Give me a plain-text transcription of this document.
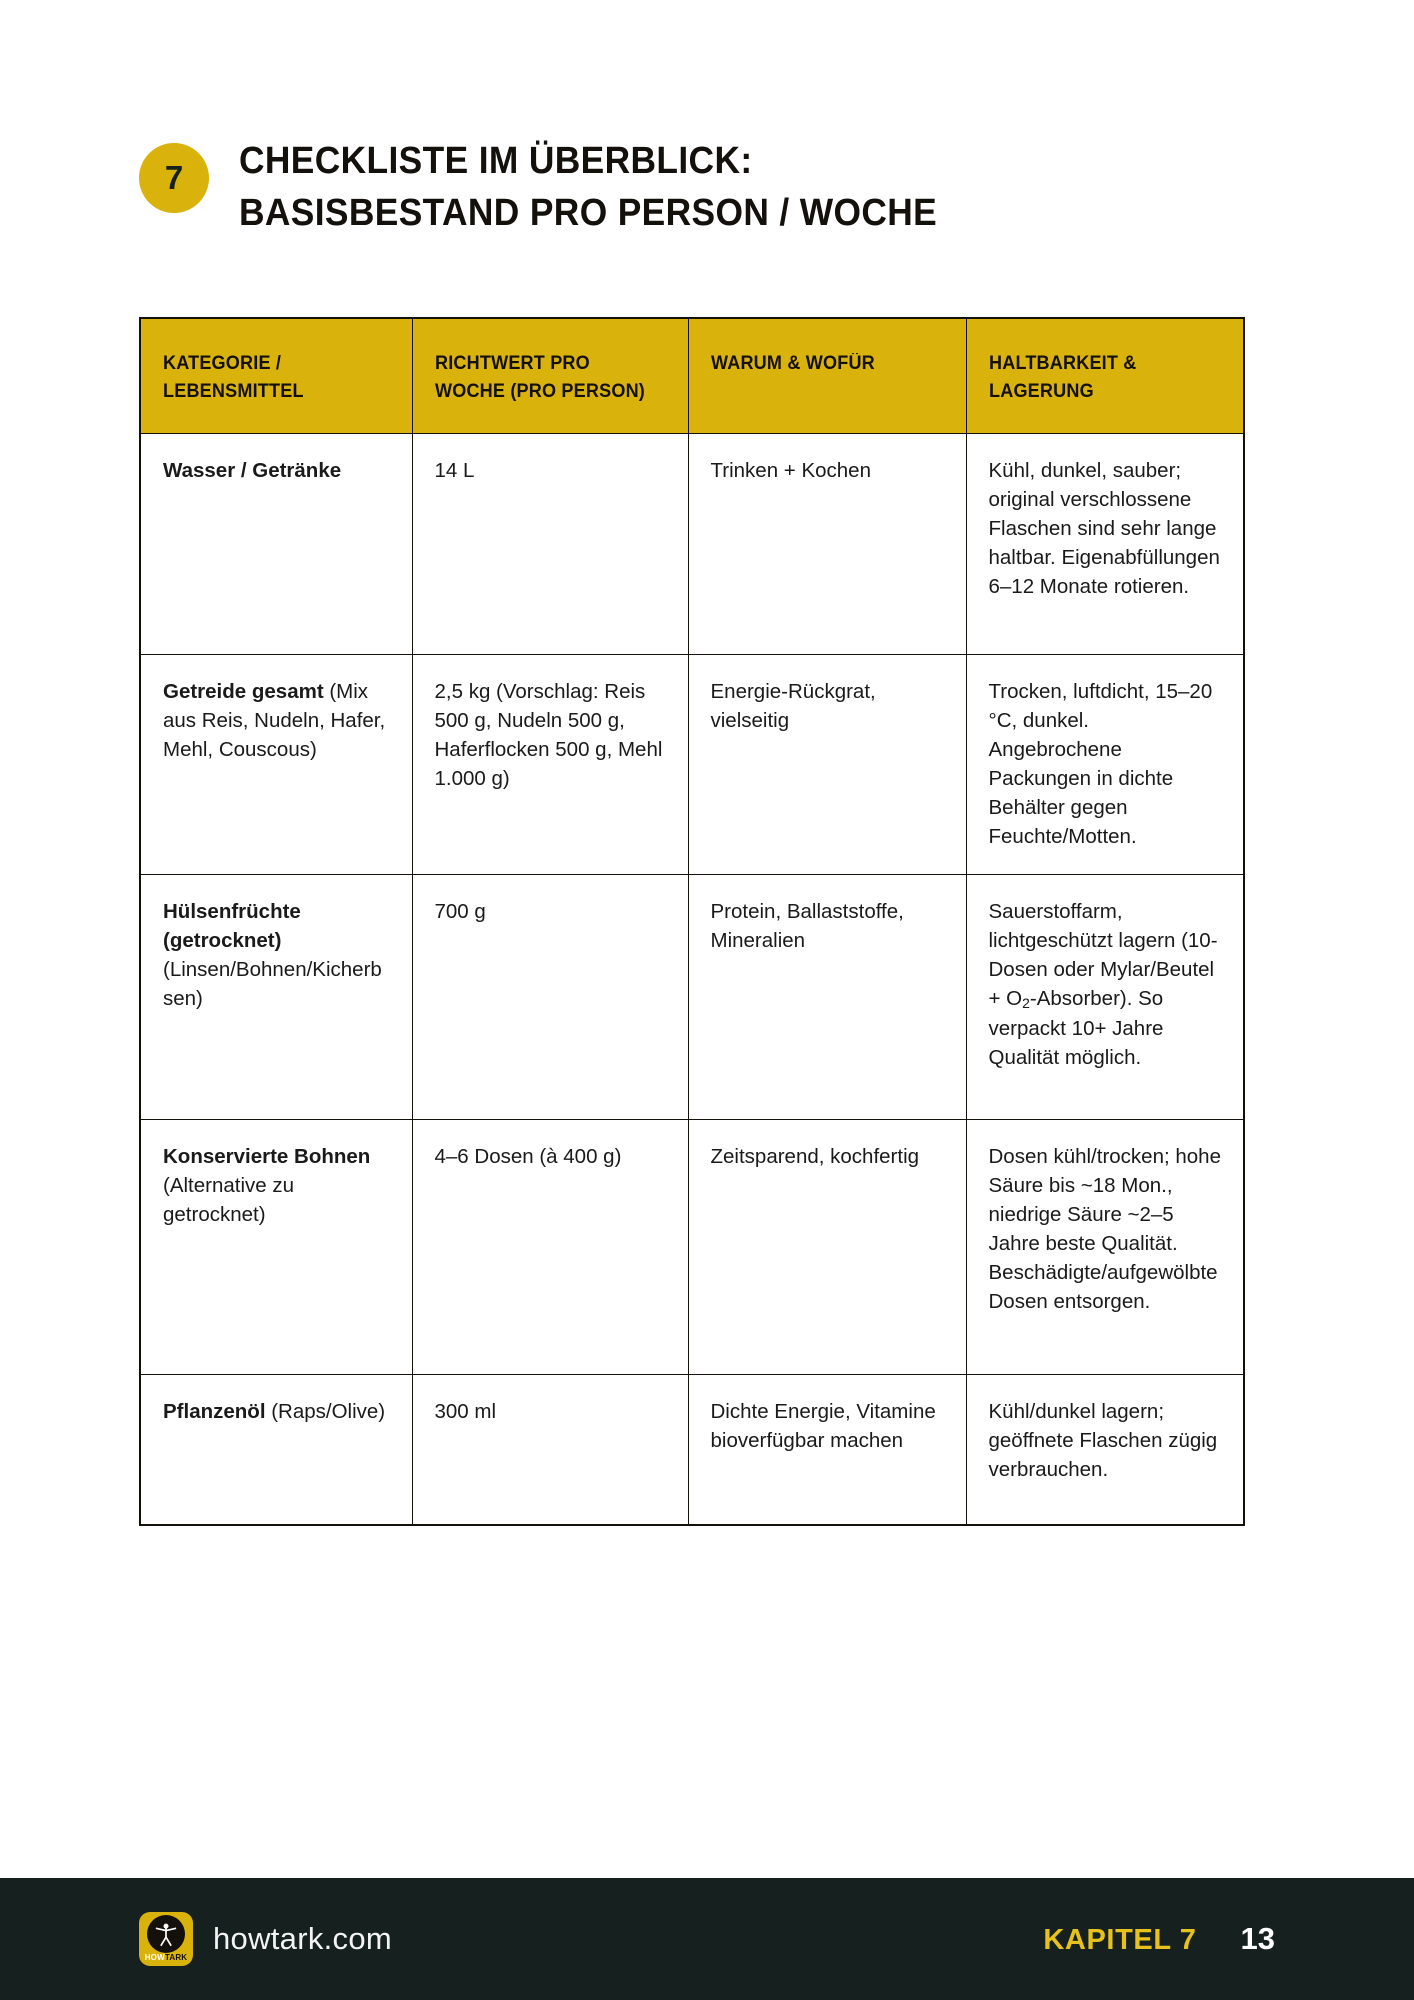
7	CHECKLISTE IM ÜBERBLICK:
BASISBESTAND PRO PERSON / WOCHE
KATEGORIE / LEBENSMITTEL	RICHTWERT PRO WOCHE (PRO PERSON)	WARUM & WOFÜR	HALTBARKEIT & LAGERUNG

Wasser / Getränke	14 L	Trinken + Kochen	Kühl, dunkel, sauber; original verschlossene Flaschen sind sehr lange haltbar. Eigenabfüllungen 6–12 Monate rotieren.
Getreide gesamt (Mix aus Reis, Nudeln, Hafer, Mehl, Couscous)	2,5 kg (Vorschlag: Reis 500 g, Nudeln 500 g, Haferflocken 500 g, Mehl 1.000 g)	Energie-Rückgrat, vielseitig	Trocken, luftdicht, 15–20 °C, dunkel. Angebrochene Packungen in dichte Behälter gegen Feuchte/Motten.
Hülsenfrüchte (getrocknet) (Linsen/Bohnen/Kicherbsen)	700 g	Protein, Ballaststoffe, Mineralien	Sauerstoffarm, lichtgeschützt lagern (10-Dosen oder Mylar/Beutel + $O_2-Absorber$). So verpackt 10+ Jahre Qualität möglich.
Konservierte Bohnen (Alternative zu getrocknet)	4–6 Dosen (à 400 g)	Zeitsparend, kochfertig	Dosen kühl/trocken; hohe Säure bis ~18 Mon., niedrige Säure ~2–5 Jahre beste Qualität. Beschädigte/aufgewölbte Dosen entsorgen.
Pflanzenöl (Raps/Olive)	300 ml	Dichte Energie, Vitamine bioverfügbar machen	Kühl/dunkel lagern; geöffnete Flaschen zügig verbrauchen.
HOWTARK
howtark.com	KAPITEL 7 13
